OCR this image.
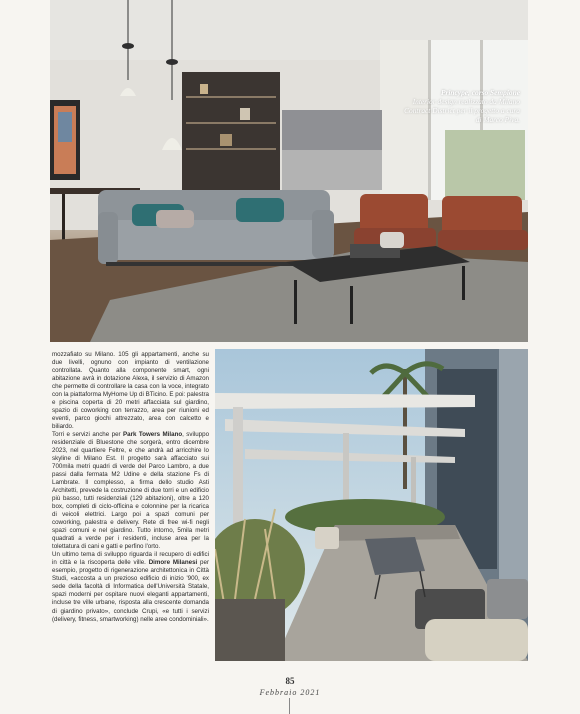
Princype, corso Sempione
Interior design realizzato da Milano Contract District per il progetto a cura di Marco Piva.

mozzafiato su Milano. 105 gli appartamenti, anche su due livelli, ognuno con impianto di ventilazione controllata. Quanto alla componente smart, ogni abitazione avrà in dotazione Alexa, il servizio di Amazon che permette di controllare la casa con la voce, integrato con la piattaforma MyHome Up di BTicino. E poi: palestra e piscina coperta di 20 metri affacciata sul giardino, spazio di coworking con terrazzo, area per riunioni ed eventi, parco giochi attrezzato, area con calcetto e biliardo.

Torri e servizi anche per Park Towers Milano, sviluppo residenziale di Bluestone che sorgerà, entro dicembre 2023, nel quartiere Feltre, e che andrà ad arricchire lo skyline di Milano Est. Il progetto sarà affacciato sui 700mila metri quadri di verde del Parco Lambro, a due passi dalla fermata M2 Udine e della stazione Fs di Lambrate. Il complesso, a firma dello studio Asti Architetti, prevede la costruzione di due torri e un edificio più basso, tutti residenziali (129 abitazioni), oltre a 120 box, completi di ciclo-officina e colonnine per la ricarica di veicoli elettrici. Largo poi a spazi comuni per coworking, palestra e delivery. Rete di free wi-fi negli spazi comuni e nel giardino. Tutto intorno, 5mila metri quadrati a verde per i residenti, incluse area per la tolettatura di cani e gatti e perfino l'orto.

Un ultimo tema di sviluppo riguarda il recupero di edifici in città e la riscoperta delle ville. Dimore Milanesi per esempio, progetto di rigenerazione architettonica in Città Studi, «accosta a un prezioso edificio di inizio '900, ex sede della facoltà di Informatica dell'Università Statale, spazi moderni per ospitare nuovi eleganti appartamenti, incluse tre ville urbane, risposta alla crescente domanda di giardino privato», conclude Crupi, «e tutti i servizi (delivery, fitness, smartworking) nelle aree condominiali».

85
Febbraio 2021
